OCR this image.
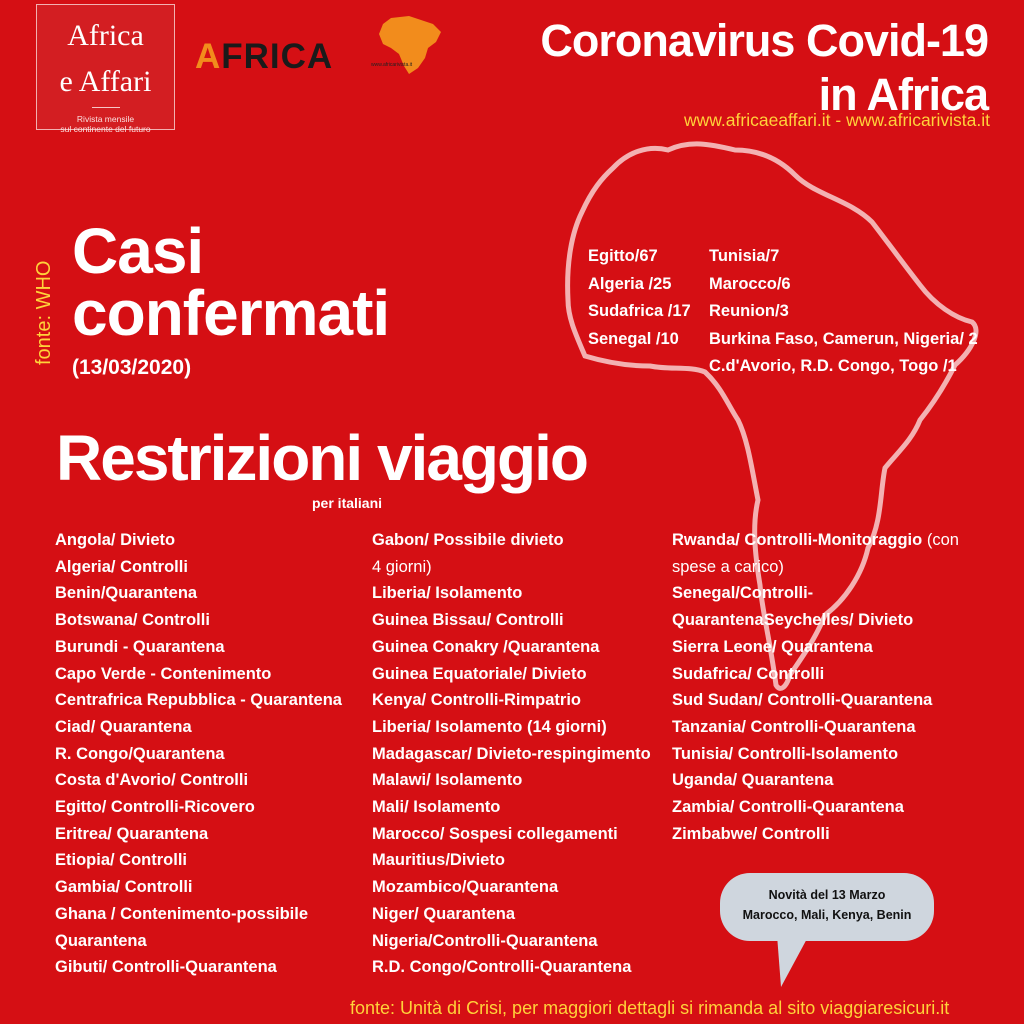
Africa
e Affari
Rivista mensile
sul continente del futuro
AFRICA	www.africarivista.it	Coronavirus Covid-19
in Africa
www.africaeaffari.it - www.africarivista.it
fonte: WHO
Casi
confermati
(13/03/2020)
Egitto/67
Algeria /25
Sudafrica /17
Senegal /10
Tunisia/7
Marocco/6
Reunion/3
Burkina Faso, Camerun, Nigeria/ 2
C.d'Avorio, R.D. Congo, Togo /1
Restrizioni viaggio
per italiani
Angola/ Divieto
Algeria/ Controlli
Benin/Quarantena
Botswana/ Controlli
Burundi - Quarantena
Capo Verde - Contenimento
Centrafrica Repubblica - Quarantena
Ciad/ Quarantena
R. Congo/Quarantena
Costa d'Avorio/ Controlli
Egitto/ Controlli-Ricovero
Eritrea/ Quarantena
Etiopia/ Controlli
Gambia/ Controlli
Ghana / Contenimento-possibile
Quarantena
Gibuti/ Controlli-Quarantena
Gabon/ Possibile divieto
4 giorni)
Liberia/ Isolamento
Guinea Bissau/ Controlli
Guinea Conakry /Quarantena
Guinea Equatoriale/ Divieto
Kenya/ Controlli-Rimpatrio
Liberia/ Isolamento (14 giorni)
Madagascar/ Divieto-respingimento
Malawi/ Isolamento
Mali/ Isolamento
Marocco/ Sospesi collegamenti
Mauritius/Divieto
Mozambico/Quarantena
Niger/ Quarantena
Nigeria/Controlli-Quarantena
R.D. Congo/Controlli-Quarantena
Rwanda/ Controlli-Monitoraggio (con
spese a carico)
Senegal/Controlli-
QuarantenaSeychelles/ Divieto
Sierra Leone/ Quarantena
Sudafrica/ Controlli
Sud Sudan/ Controlli-Quarantena
Tanzania/ Controlli-Quarantena
Tunisia/ Controlli-Isolamento
Uganda/ Quarantena
Zambia/ Controlli-Quarantena
Zimbabwe/ Controlli
Novità del 13 Marzo
Marocco, Mali, Kenya, Benin
fonte: Unità di Crisi, per maggiori dettagli si rimanda al sito viaggiaresicuri.it
